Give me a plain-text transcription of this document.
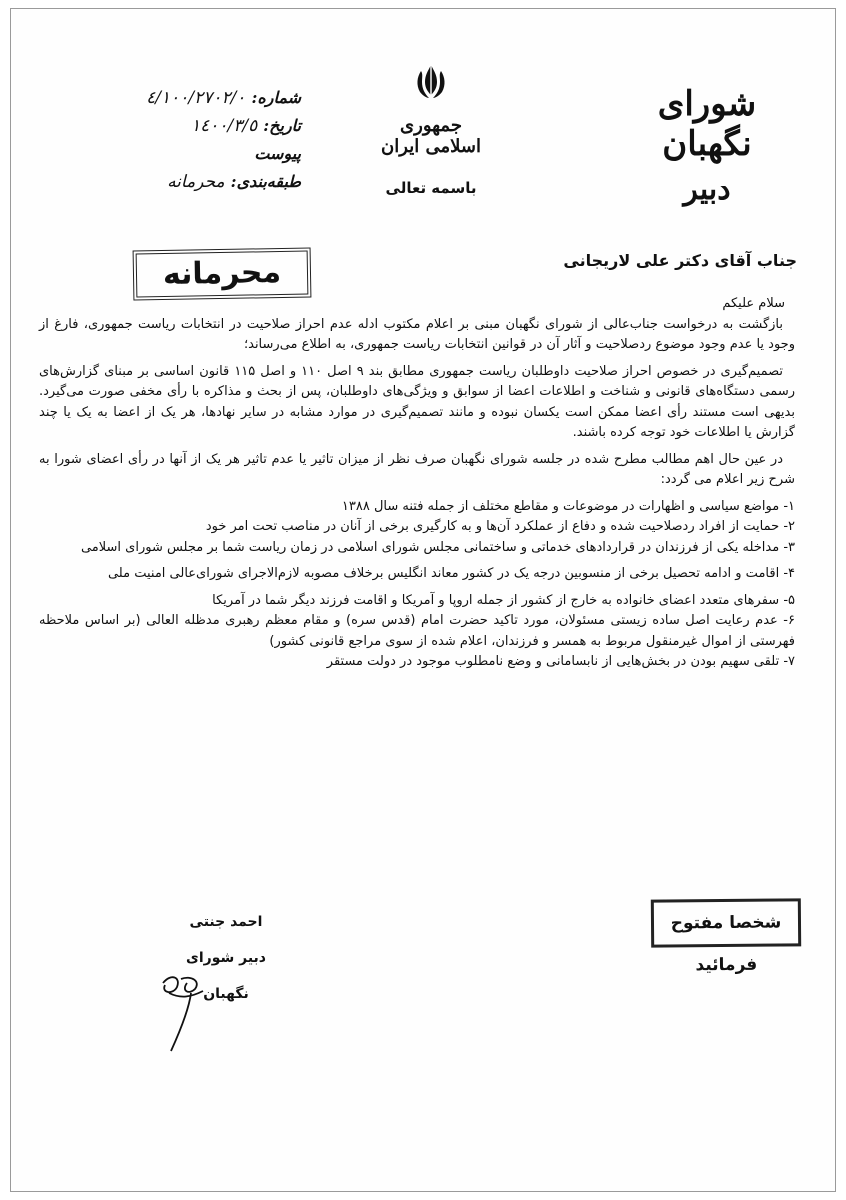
شورای نگهبان
دبیر
جمهوری اسلامی ایران
باسمه تعالی
شماره:
٤/١٠٠/٢٧٠٢/٠
تاریخ:
١٤٠٠/٣/٥
پیوست
طبقه‌بندی:
محرمانه
محرمانه	جناب آقای دکتر علی لاریجانی

سلام علیکم

بازگشت به درخواست جناب‌عالی از شورای نگهبان مبنی بر اعلام مکتوب ادله عدم احراز صلاحیت در انتخابات ریاست جمهوری، فارغ از وجود یا عدم وجود موضوع ردصلاحیت و آثار آن در قوانین انتخابات ریاست جمهوری، به اطلاع می‌رساند؛

تصمیم‌گیری در خصوص احراز صلاحیت داوطلبان ریاست جمهوری مطابق بند ۹ اصل ۱۱۰ و اصل ۱۱۵ قانون اساسی بر مبنای گزارش‌های رسمی دستگاه‌های قانونی و شناخت و اطلاعات اعضا از سوابق و ویژگی‌های داوطلبان، پس از بحث و مذاکره با رأی مخفی صورت می‌گیرد. بدیهی است مستند رأی اعضا ممکن است یکسان نبوده و مانند تصمیم‌گیری در موارد مشابه در سایر نهادها، هر یک از اعضا به یک یا چند گزارش یا اطلاعات خود توجه کرده باشند.

در عین حال اهم مطالب مطرح شده در جلسه شورای نگهبان صرف نظر از میزان تاثیر یا عدم تاثیر هر یک از آنها در رأی اعضای شورا به شرح زیر اعلام می گردد:

۱- مواضع سیاسی و اظهارات در موضوعات و مقاطع مختلف از جمله فتنه سال ۱۳۸۸
۲- حمایت از افراد ردصلاحیت شده و دفاع از عملکرد آن‌ها و به کارگیری برخی از آنان در مناصب تحت امر خود
۳- مداخله یکی از فرزندان در قراردادهای خدماتی و ساختمانی مجلس شورای اسلامی در زمان ریاست شما بر مجلس شورای اسلامی
۴- اقامت و ادامه تحصیل برخی از منسوبین درجه یک در کشور معاند انگلیس برخلاف مصوبه لازم‌الاجرای شورای‌عالی امنیت ملی
۵- سفرهای متعدد اعضای خانواده به خارج از کشور از جمله اروپا و آمریکا و اقامت فرزند دیگر شما در آمریکا
۶- عدم رعایت اصل ساده زیستی مسئولان، مورد تاکید حضرت امام (قدس سره) و مقام معظم رهبری مدظله العالی (بر اساس ملاحظه فهرستی از اموال غیرمنقول مربوط به همسر و فرزندان، اعلام شده از سوی مراجع قانونی کشور)
۷- تلقی سهیم بودن در بخش‌هایی از نابسامانی و وضع نامطلوب موجود در دولت مستقر
احمد جنتی
دبیر شورای نگهبان
شخصا مفتوح فرمائید
